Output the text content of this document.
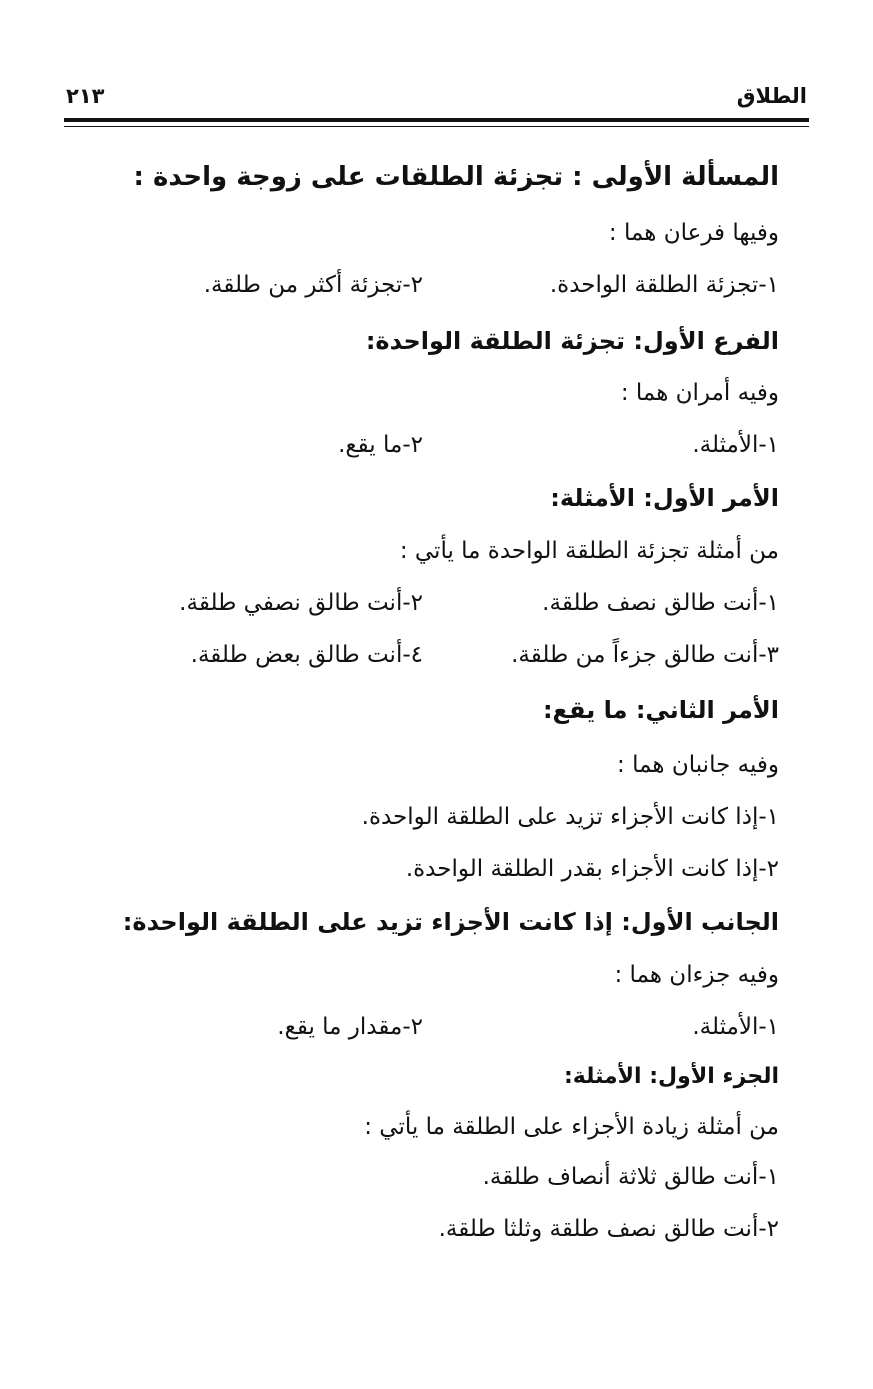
الطلاق
٢١٣
المسألة الأولى : تجزئة الطلقات على زوجة واحدة :
وفيها فرعان هما :
١-تجزئة الطلقة الواحدة.
٢-تجزئة أكثر من طلقة.
الفرع الأول: تجزئة الطلقة الواحدة:
وفيه أمران هما :
١-الأمثلة.
٢-ما يقع.
الأمر الأول: الأمثلة:
من أمثلة تجزئة الطلقة الواحدة ما يأتي :
١-أنت طالق نصف طلقة.
٢-أنت طالق نصفي طلقة.
٣-أنت طالق جزءاً من طلقة.
٤-أنت طالق بعض طلقة.
الأمر الثاني: ما يقع:
وفيه جانبان هما :
١-إذا كانت الأجزاء تزيد على الطلقة الواحدة.
٢-إذا كانت الأجزاء بقدر الطلقة الواحدة.
الجانب الأول: إذا كانت الأجزاء تزيد على الطلقة الواحدة:
وفيه جزءان هما :
١-الأمثلة.
٢-مقدار ما يقع.
الجزء الأول: الأمثلة:
من أمثلة زيادة الأجزاء على الطلقة ما يأتي :
١-أنت طالق ثلاثة أنصاف طلقة.
٢-أنت طالق نصف طلقة وثلثا طلقة.
